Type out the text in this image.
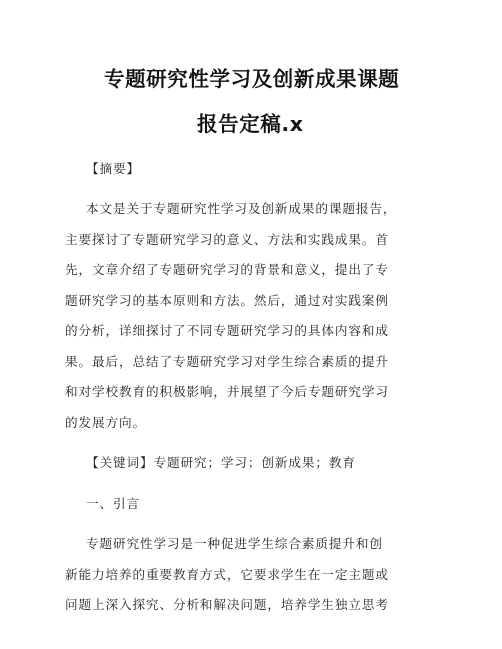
专题研究性学习及创新成果课题
报告定稿.x
【摘要】
本文是关于专题研究性学习及创新成果的课题报告，
主要探讨了专题研究学习的意义、方法和实践成果。首
先，文章介绍了专题研究学习的背景和意义，提出了专
题研究学习的基本原则和方法。然后，通过对实践案例
的分析，详细探讨了不同专题研究学习的具体内容和成
果。最后，总结了专题研究学习对学生综合素质的提升
和对学校教育的积极影响，并展望了今后专题研究学习
的发展方向。
【关键词】专题研究；学习；创新成果；教育
一、引言
专题研究性学习是一种促进学生综合素质提升和创
新能力培养的重要教育方式，它要求学生在一定主题或
问题上深入探究、分析和解决问题，培养学生独立思考
